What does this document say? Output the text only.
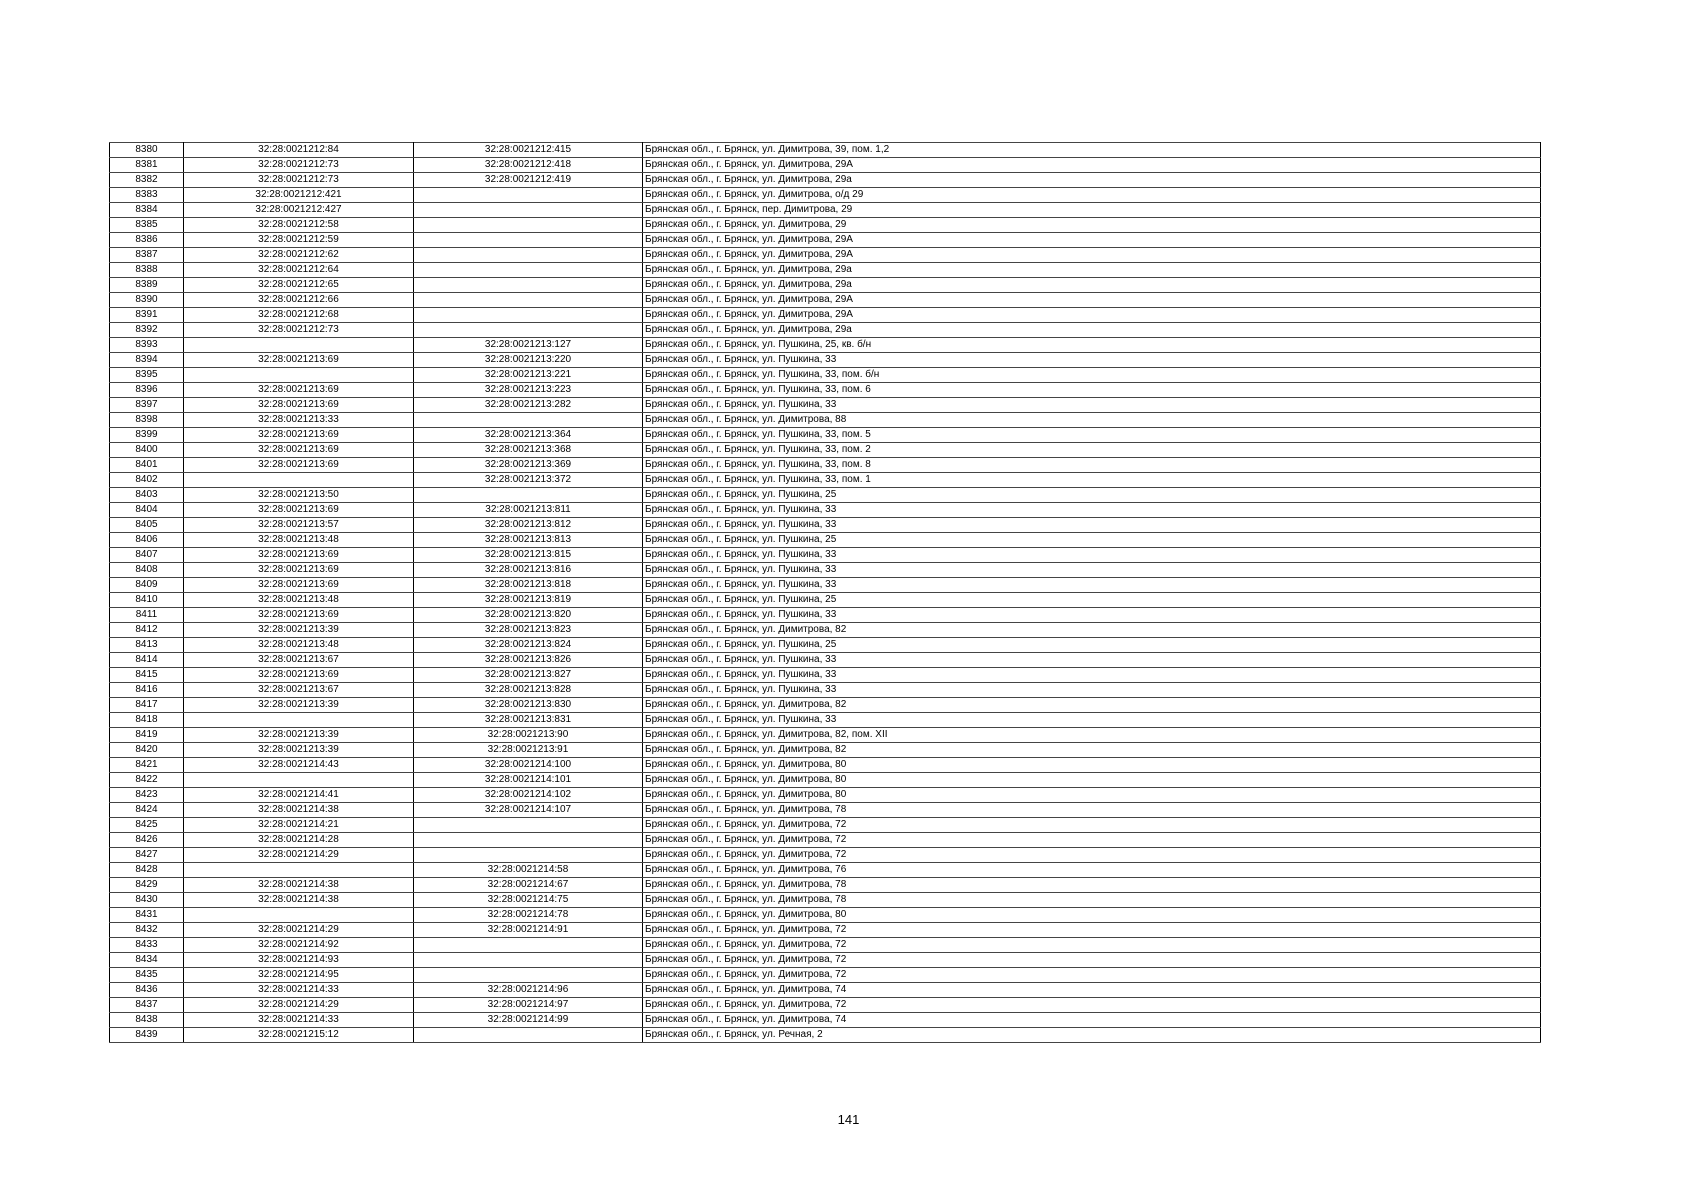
8380	32:28:0021212:84	32:28:0021212:415	Брянская обл., г. Брянск, ул. Димитрова, 39, пом. 1,2
8381	32:28:0021212:73	32:28:0021212:418	Брянская обл., г. Брянск, ул. Димитрова, 29А
8382	32:28:0021212:73	32:28:0021212:419	Брянская обл., г. Брянск, ул. Димитрова, 29а
8383	32:28:0021212:421		Брянская обл., г. Брянск, ул. Димитрова, о/д 29
8384	32:28:0021212:427		Брянская обл., г. Брянск, пер. Димитрова, 29
8385	32:28:0021212:58		Брянская обл., г. Брянск, ул. Димитрова, 29
8386	32:28:0021212:59		Брянская обл., г. Брянск, ул. Димитрова, 29А
8387	32:28:0021212:62		Брянская обл., г. Брянск, ул. Димитрова, 29А
8388	32:28:0021212:64		Брянская обл., г. Брянск, ул. Димитрова, 29а
8389	32:28:0021212:65		Брянская обл., г. Брянск, ул. Димитрова, 29а
8390	32:28:0021212:66		Брянская обл., г. Брянск, ул. Димитрова, 29А
8391	32:28:0021212:68		Брянская обл., г. Брянск, ул. Димитрова, 29А
8392	32:28:0021212:73		Брянская обл., г. Брянск, ул. Димитрова, 29а
8393		32:28:0021213:127	Брянская обл., г. Брянск, ул. Пушкина, 25, кв. б/н
8394	32:28:0021213:69	32:28:0021213:220	Брянская обл., г. Брянск, ул. Пушкина, 33
8395		32:28:0021213:221	Брянская обл., г. Брянск, ул. Пушкина, 33, пом. б/н
8396	32:28:0021213:69	32:28:0021213:223	Брянская обл., г. Брянск, ул. Пушкина, 33, пом. 6
8397	32:28:0021213:69	32:28:0021213:282	Брянская обл., г. Брянск, ул. Пушкина, 33
8398	32:28:0021213:33		Брянская обл., г. Брянск, ул. Димитрова, 88
8399	32:28:0021213:69	32:28:0021213:364	Брянская обл., г. Брянск, ул. Пушкина, 33, пом. 5
8400	32:28:0021213:69	32:28:0021213:368	Брянская обл., г. Брянск, ул. Пушкина, 33, пом. 2
8401	32:28:0021213:69	32:28:0021213:369	Брянская обл., г. Брянск, ул. Пушкина, 33, пом. 8
8402		32:28:0021213:372	Брянская обл., г. Брянск, ул. Пушкина, 33, пом. 1
8403	32:28:0021213:50		Брянская обл., г. Брянск, ул. Пушкина, 25
8404	32:28:0021213:69	32:28:0021213:811	Брянская обл., г. Брянск, ул. Пушкина, 33
8405	32:28:0021213:57	32:28:0021213:812	Брянская обл., г. Брянск, ул. Пушкина, 33
8406	32:28:0021213:48	32:28:0021213:813	Брянская обл., г. Брянск, ул. Пушкина, 25
8407	32:28:0021213:69	32:28:0021213:815	Брянская обл., г. Брянск, ул. Пушкина, 33
8408	32:28:0021213:69	32:28:0021213:816	Брянская обл., г. Брянск, ул. Пушкина, 33
8409	32:28:0021213:69	32:28:0021213:818	Брянская обл., г. Брянск, ул. Пушкина, 33
8410	32:28:0021213:48	32:28:0021213:819	Брянская обл., г. Брянск, ул. Пушкина, 25
8411	32:28:0021213:69	32:28:0021213:820	Брянская обл., г. Брянск, ул. Пушкина, 33
8412	32:28:0021213:39	32:28:0021213:823	Брянская обл., г. Брянск, ул. Димитрова, 82
8413	32:28:0021213:48	32:28:0021213:824	Брянская обл., г. Брянск, ул. Пушкина, 25
8414	32:28:0021213:67	32:28:0021213:826	Брянская обл., г. Брянск, ул. Пушкина, 33
8415	32:28:0021213:69	32:28:0021213:827	Брянская обл., г. Брянск, ул. Пушкина, 33
8416	32:28:0021213:67	32:28:0021213:828	Брянская обл., г. Брянск, ул. Пушкина, 33
8417	32:28:0021213:39	32:28:0021213:830	Брянская обл., г. Брянск, ул. Димитрова, 82
8418		32:28:0021213:831	Брянская обл., г. Брянск, ул. Пушкина, 33
8419	32:28:0021213:39	32:28:0021213:90	Брянская обл., г. Брянск, ул. Димитрова, 82, пом. XII
8420	32:28:0021213:39	32:28:0021213:91	Брянская обл., г. Брянск, ул. Димитрова, 82
8421	32:28:0021214:43	32:28:0021214:100	Брянская обл., г. Брянск, ул. Димитрова, 80
8422		32:28:0021214:101	Брянская обл., г. Брянск, ул. Димитрова, 80
8423	32:28:0021214:41	32:28:0021214:102	Брянская обл., г. Брянск, ул. Димитрова, 80
8424	32:28:0021214:38	32:28:0021214:107	Брянская обл., г. Брянск, ул. Димитрова, 78
8425	32:28:0021214:21		Брянская обл., г. Брянск, ул. Димитрова, 72
8426	32:28:0021214:28		Брянская обл., г. Брянск, ул. Димитрова, 72
8427	32:28:0021214:29		Брянская обл., г. Брянск, ул. Димитрова, 72
8428		32:28:0021214:58	Брянская обл., г. Брянск, ул. Димитрова, 76
8429	32:28:0021214:38	32:28:0021214:67	Брянская обл., г. Брянск, ул. Димитрова, 78
8430	32:28:0021214:38	32:28:0021214:75	Брянская обл., г. Брянск, ул. Димитрова, 78
8431		32:28:0021214:78	Брянская обл., г. Брянск, ул. Димитрова, 80
8432	32:28:0021214:29	32:28:0021214:91	Брянская обл., г. Брянск, ул. Димитрова, 72
8433	32:28:0021214:92		Брянская обл., г. Брянск, ул. Димитрова, 72
8434	32:28:0021214:93		Брянская обл., г. Брянск, ул. Димитрова, 72
8435	32:28:0021214:95		Брянская обл., г. Брянск, ул. Димитрова, 72
8436	32:28:0021214:33	32:28:0021214:96	Брянская обл., г. Брянск, ул. Димитрова, 74
8437	32:28:0021214:29	32:28:0021214:97	Брянская обл., г. Брянск, ул. Димитрова, 72
8438	32:28:0021214:33	32:28:0021214:99	Брянская обл., г. Брянск, ул. Димитрова, 74
8439	32:28:0021215:12		Брянская обл., г. Брянск, ул. Речная, 2
141
